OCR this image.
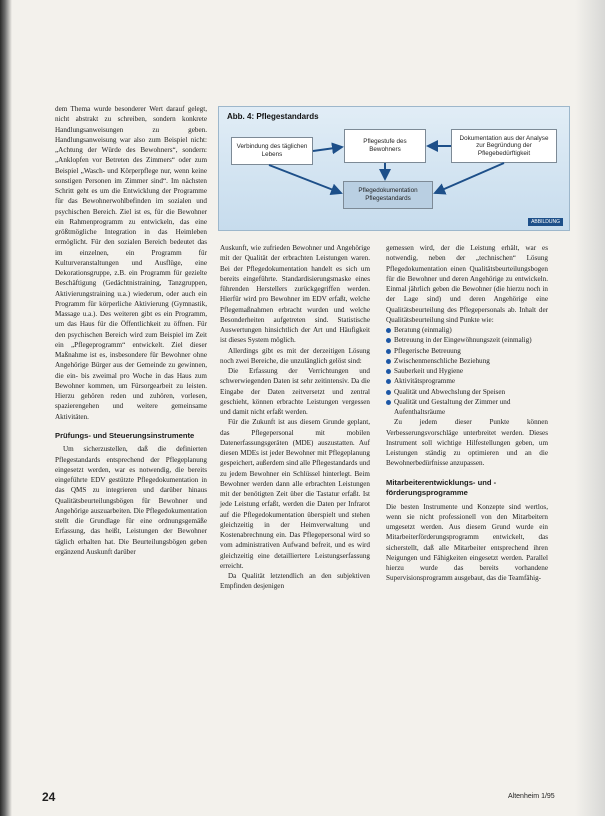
Abb. 4: Pflegestandards
Verbindung des täglichen Lebens
Pflegestufe des Bewohners
Dokumentation aus der Analyse zur Begründung der Pflegebedürftigkeit
Pflegedokumentation Pflegestandards
ABBILDUNG

dem Thema wurde besonderer Wert darauf gelegt, nicht abstrakt zu schreiben, sondern konkrete Handlungsanweisungen zu geben. Handlungsanweisung war also zum Beispiel nicht: „Achtung der Würde des Bewohners“, sondern: „Anklopfen vor Betreten des Zimmers“ oder zum Beispiel „Wasch- und Körperpflege nur, wenn keine sonstigen Personen im Zimmer sind“. Im nächsten Schritt geht es um die Entwicklung der Programme für das Bewohnerwohlbefinden im sozialen und psychischen Bereich. Ziel ist es, für die Bewohner ein Rahmenprogramm zu entwickeln, das eine größtmögliche Integration in das Heimleben ermöglicht. Für den sozialen Bereich bedeutet das im einzelnen, ein Programm für Kulturveranstaltungen und Ausflüge, eine Dekorationsgruppe, z.B. ein Programm für gezielte Beschäftigung (Gedächtnistraining, Tanzgruppen, Aktivierungstraining u.a.) wiederum, oder auch ein Programm für körperliche Aktivierung (Gymnastik, Massage u.a.). Des weiteren gibt es ein Programm, um das Haus für die Öffentlichkeit zu öffnen. Für den psychischen Bereich wird zum Beispiel im Zeit ein „Pflegeprogramm“ entwickelt. Ziel dieser Maßnahme ist es, insbesondere für Bewohner ohne Angehörige Bürger aus der Gemeinde zu gewinnen, die ein- bis zweimal pro Woche in das Haus zum Bewohner kommen, um Fürsorgearbeit zu leisten. Hierzu gehören reden und zuhören, vorlesen, spazierengehen und weitere gemeinsame Aktivitäten.

Prüfungs- und Steuerungsinstrumente

Um sicherzustellen, daß die definierten Pflegestandards entsprechend der Pflegeplanung eingesetzt werden, war es notwendig, die bereits eingeführte EDV gestützte Pflegedokumentation in das QMS zu integrieren und darüber hinaus Qualitätsbeurteilungsbögen für Bewohner und Angehörige auszuarbeiten. Die Pflegedokumentation stellt die Grundlage für eine ordnungsgemäße Erfassung, das heißt, Leistungen der Bewohner täglich erhalten hat. Die Beurteilungsbögen geben ergänzend Auskunft darüber

Auskunft, wie zufrieden Bewohner und Angehörige mit der Qualität der erbrachten Leistungen waren. Bei der Pflegedokumentation handelt es sich um bereits eingeführte. Standardisierungsmaske eines führenden Herstellers zurückgegriffen werden. Hierfür wird pro Bewohner im EDV erfaßt, welche Pflegemaßnahmen erbracht wurden und welche Besonderheiten aufgetreten sind. Statistische Auswertungen hinsichtlich der Art und Häufigkeit ist dieses System möglich.

Allerdings gibt es mit der derzeitigen Lösung noch zwei Bereiche, die unzulänglich gelöst sind:

Die Erfassung der Verrichtungen und schwerwiegenden Daten ist sehr zeitintensiv. Da die Eingabe der Daten zeitversetzt und zentral geschieht, können erbrachte Leistungen vergessen und damit nicht erfaßt werden.

Für die Zukunft ist aus diesem Grunde geplant, das Pflegepersonal mit mobilen Datenerfassungsgeräten (MDE) auszustatten. Auf diesen MDEs ist jeder Bewohner mit Pflegeplanung gespeichert, außerdem sind alle Pflegestandards und zu jedem Bewohner ein Schlüssel hinterlegt. Beim Bewohner werden dann alle erbrachten Leistungen mit der benötigten Zeit über die Tastatur erfaßt. Ist jede Leistung erfaßt, werden die Daten per Infrarot auf die Pflegedokumentation überspielt und stehen gleichzeitig in der Heimverwaltung und Kostenabrechnung ein. Das Pflegepersonal wird so vom administrativen Aufwand befreit, und es wird gleichzeitig eine detailliertere Leistungserfassung erreicht.

Da Qualität letztendlich an den subjektiven Empfinden desjenigen

gemessen wird, der die Leistung erhält, war es notwendig, neben der „technischen“ Lösung Pflegedokumentation einen Qualitätsbeurteilungsbogen für die Bewohner und deren Angehörige zu entwickeln. Einmal jährlich geben die Bewohner (die hierzu noch in der Lage sind) und deren Angehörige eine Qualitätsbeurteilung des Pflegepersonals ab. Inhalt der Qualitätsbeurteilung sind Punkte wie:

Beratung (einmalig)
Betreuung in der Eingewöhnungszeit (einmalig)
Pflegerische Betreuung
Zwischenmenschliche Beziehung
Sauberkeit und Hygiene
Aktivitätsprogramme
Qualität und Abwechslung der Speisen
Qualität und Gestaltung der Zimmer und Aufenthaltsräume

Zu jedem dieser Punkte können Verbesserungsvorschläge unterbreitet werden. Dieses Instrument soll wichtige Hilfestellungen geben, um Leistungen ständig zu optimieren und an die Bewohnerbedürfnisse anzupassen.

Mitarbeiterentwicklungs- und -förderungsprogramme

Die besten Instrumente und Konzepte sind wertlos, wenn sie nicht professionell von den Mitarbeitern umgesetzt werden. Aus diesem Grund wurde ein Mitarbeiterförderungsprogramm entwickelt, das sicherstellt, daß alle Mitarbeiter entsprechend ihren Neigungen und Fähigkeiten eingesetzt werden. Parallel hierzu wurde das bereits vorhandene Supervisionsprogramm ausgebaut, das die Teamfähig-

24	Altenheim 1/95
